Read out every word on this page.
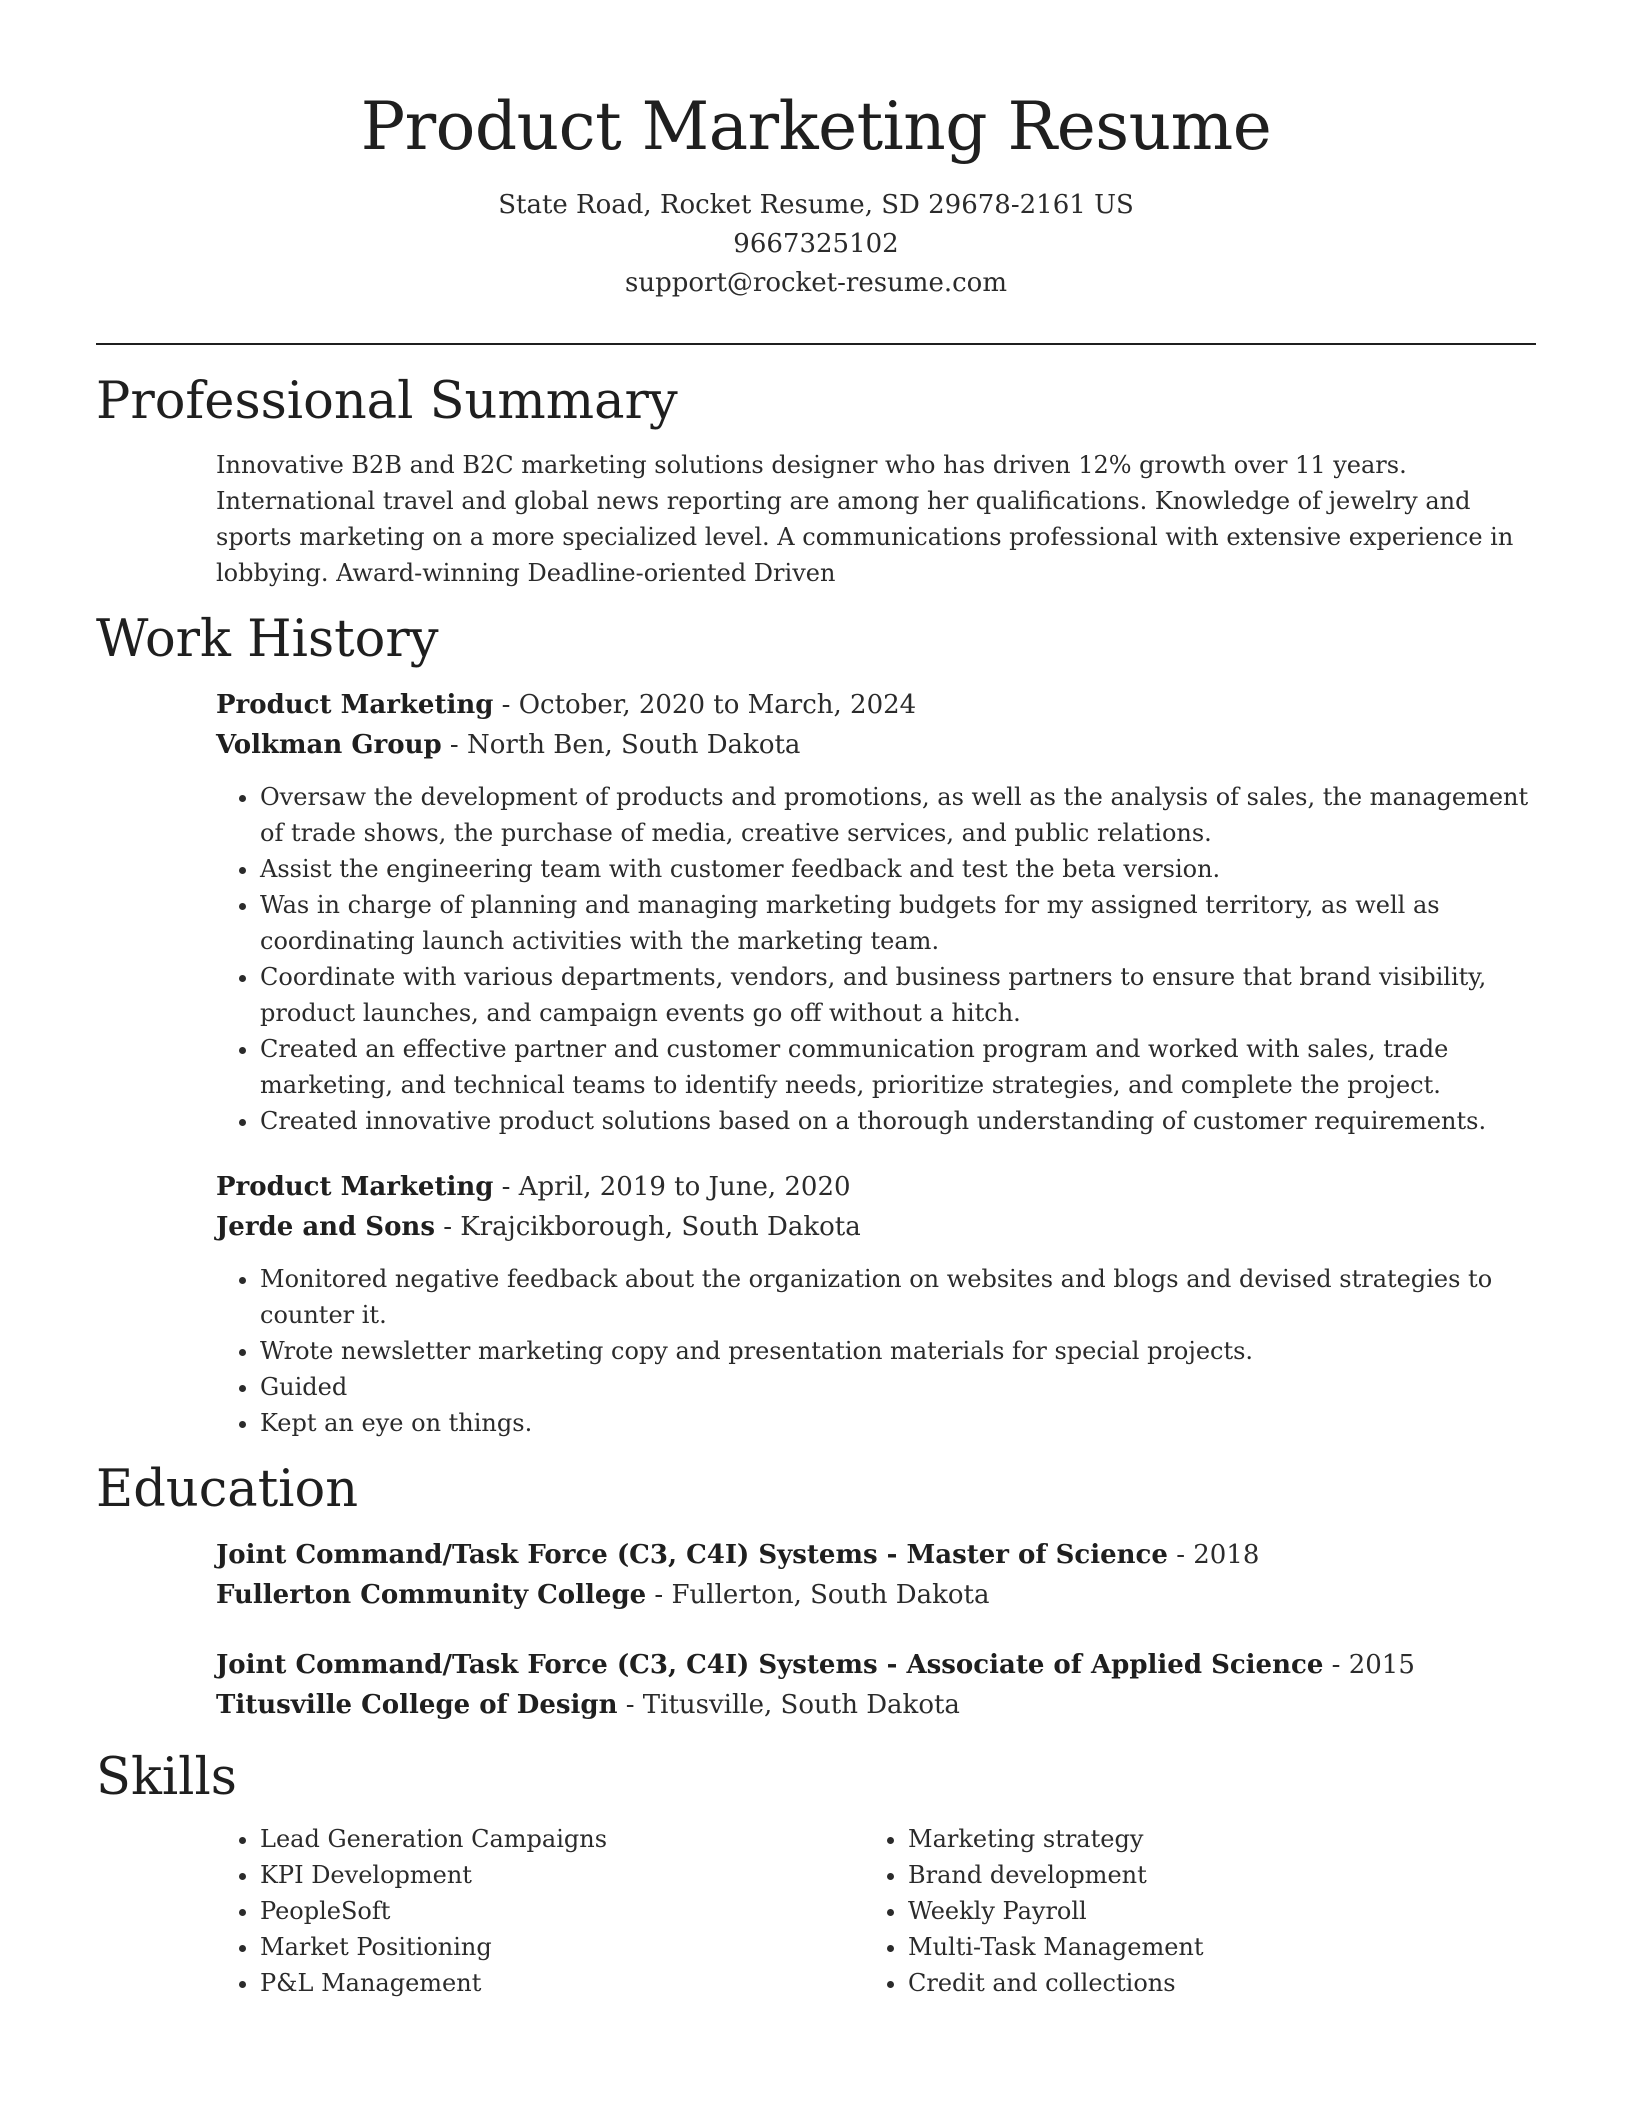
Product Marketing Resume
State Road, Rocket Resume, SD 29678-2161 US
9667325102
support@rocket-resume.com
Professional Summary
Innovative B2B and B2C marketing solutions designer who has driven 12% growth over 11 years. International travel and global news reporting are among her qualifications. Knowledge of jewelry and sports marketing on a more specialized level. A communications professional with extensive experience in lobbying. Award-winning Deadline-oriented Driven
Work History
Product Marketing - October, 2020 to March, 2024
Volkman Group - North Ben, South Dakota
• Oversaw the development of products and promotions, as well as the analysis of sales, the management of trade shows, the purchase of media, creative services, and public relations.
• Assist the engineering team with customer feedback and test the beta version.
• Was in charge of planning and managing marketing budgets for my assigned territory, as well as coordinating launch activities with the marketing team.
• Coordinate with various departments, vendors, and business partners to ensure that brand visibility, product launches, and campaign events go off without a hitch.
• Created an effective partner and customer communication program and worked with sales, trade marketing, and technical teams to identify needs, prioritize strategies, and complete the project.
• Created innovative product solutions based on a thorough understanding of customer requirements.
Product Marketing - April, 2019 to June, 2020
Jerde and Sons - Krajcikborough, South Dakota
• Monitored negative feedback about the organization on websites and blogs and devised strategies to counter it.
• Wrote newsletter marketing copy and presentation materials for special projects.
• Guided
• Kept an eye on things.
Education
Joint Command/Task Force (C3, C4I) Systems - Master of Science - 2018
Fullerton Community College - Fullerton, South Dakota
Joint Command/Task Force (C3, C4I) Systems - Associate of Applied Science - 2015
Titusville College of Design - Titusville, South Dakota
Skills
• Lead Generation Campaigns
• KPI Development
• PeopleSoft
• Market Positioning
• P&L Management
• Marketing strategy
• Brand development
• Weekly Payroll
• Multi-Task Management
• Credit and collections
